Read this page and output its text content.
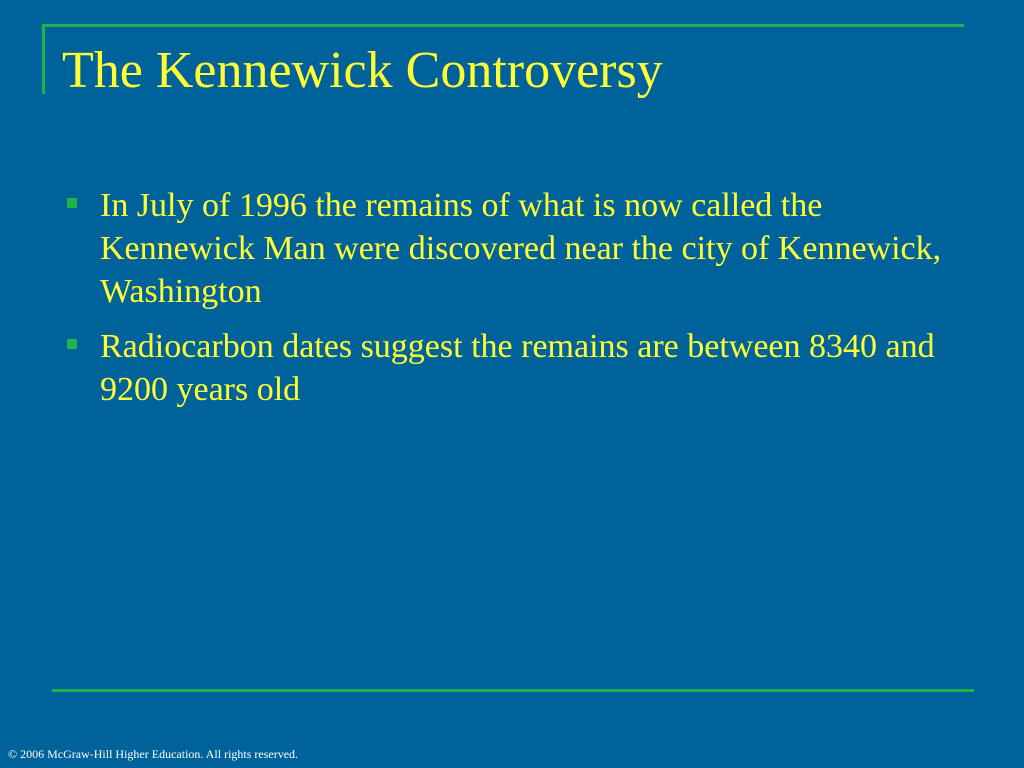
The Kennewick Controversy
In July of 1996 the remains of what is now called the Kennewick Man were discovered near the city of Kennewick, Washington
Radiocarbon dates suggest the remains are between 8340 and 9200 years old
© 2006 McGraw-Hill Higher Education. All rights reserved.
